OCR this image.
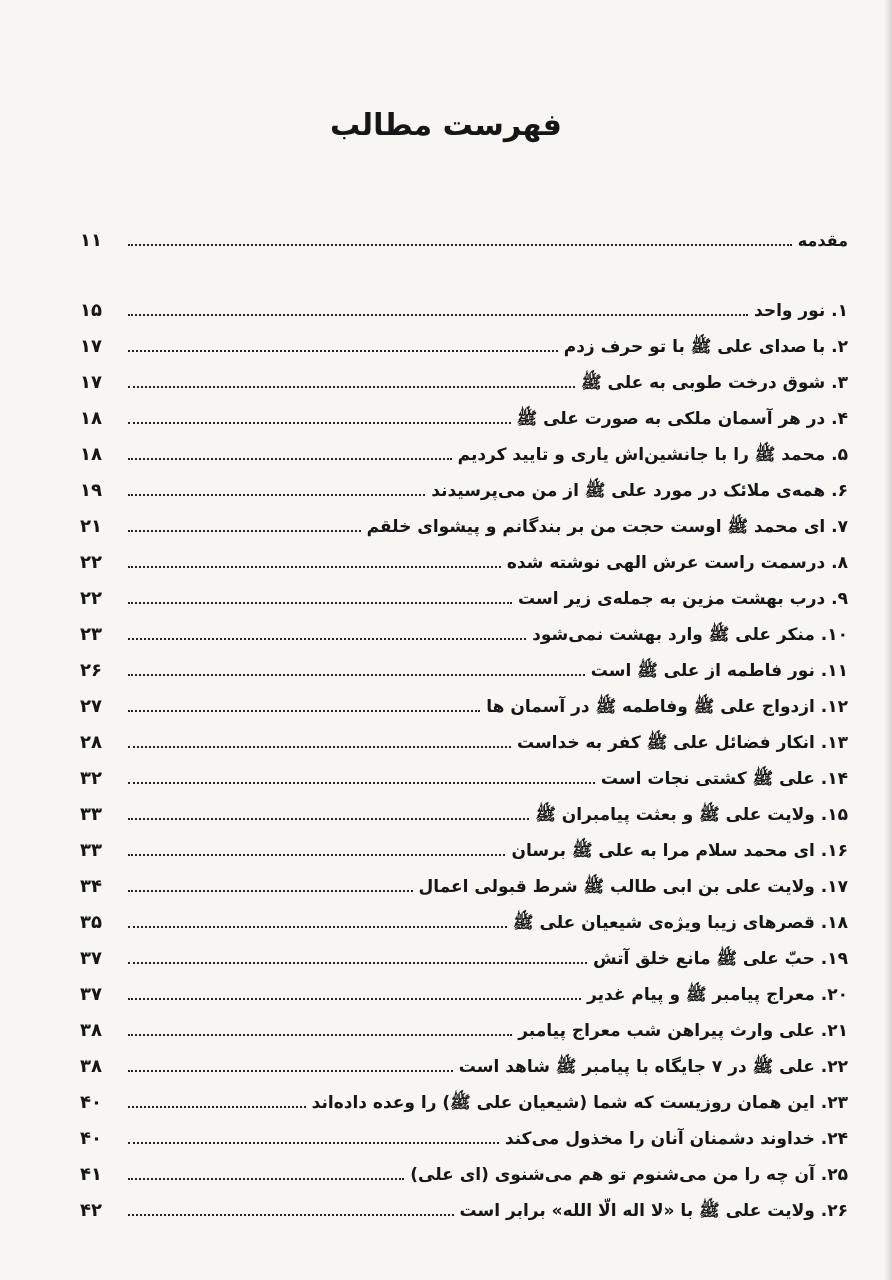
فهرست مطالب
مقدمه
۱۱
۱. نور واحد
۱۵
۲. با صدای علی ﷺ با تو حرف زدم
۱۷
۳. شوق درخت طوبی به علی ﷺ
۱۷
۴. در هر آسمان ملکی به صورت علی ﷺ
۱۸
۵. محمد ﷺ را با جانشین‌اش یاری و تایید کردیم
۱۸
۶. همه‌ی ملائک در مورد علی ﷺ از من می‌پرسیدند
۱۹
۷. ای محمد ﷺ اوست حجت من بر بندگانم و پیشوای خلقم
۲۱
۸. درسمت راست عرش الهی نوشته شده
۲۲
۹. درب بهشت مزین به جمله‌ی زیر است
۲۲
۱۰. منکر علی ﷺ وارد بهشت نمی‌شود
۲۳
۱۱. نور فاطمه از علی ﷺ است
۲۶
۱۲. ازدواج علی ﷺ وفاطمه ﷺ در آسمان ها
۲۷
۱۳. انکار فضائل علی ﷺ کفر به خداست
۲۸
۱۴. علی ﷺ کشتی نجات است
۳۲
۱۵. ولایت علی ﷺ و بعثت پیامبران ﷺ
۳۳
۱۶. ای محمد سلام مرا به علی ﷺ برسان
۳۳
۱۷. ولایت علی بن ابی طالب ﷺ شرط قبولی اعمال
۳۴
۱۸. قصرهای زیبا ویژه‌ی شیعیان علی ﷺ
۳۵
۱۹. حبّ علی ﷺ مانع خلق آتش
۳۷
۲۰. معراج پیامبر ﷺ و پیام غدیر
۳۷
۲۱. علی وارث پیراهن شب معراج پیامبر
۳۸
۲۲. علی ﷺ در ۷ جایگاه با پیامبر ﷺ شاهد است
۳۸
۲۳. این همان روزیست که شما (شیعیان علی ﷺ) را وعده داده‌اند
۴۰
۲۴. خداوند دشمنان آنان را مخذول می‌کند
۴۰
۲۵. آن چه را من می‌شنوم تو هم می‌شنوی (ای علی)
۴۱
۲۶. ولایت علی ﷺ با «لا اله الّا الله» برابر است
۴۲
